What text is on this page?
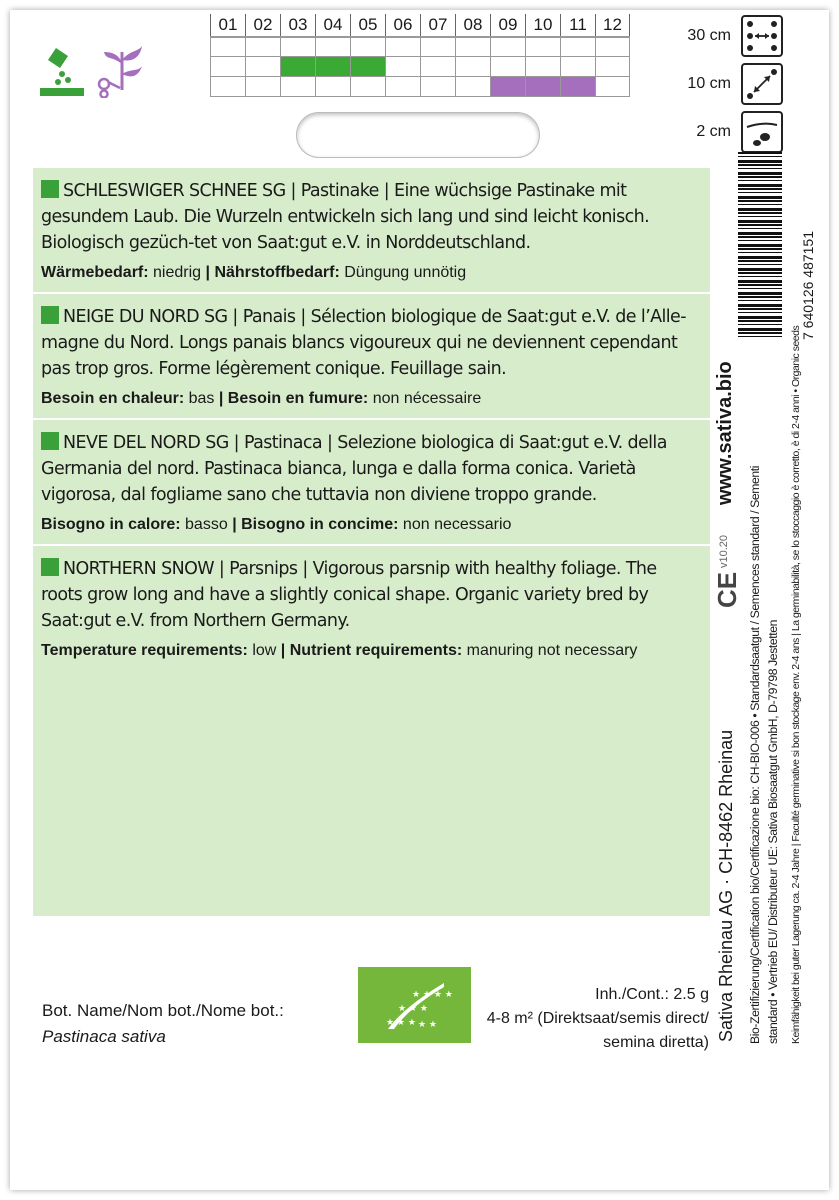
01 02 03 04 05 06 07 08 09 10 11 12
30 cm
10 cm
2 cm

SCHLESWIGER SCHNEE SG | Pastinake | Eine wüchsige Pastinake mit gesundem Laub. Die Wurzeln entwickeln sich lang und sind leicht konisch. Biologisch gezüch-tet von Saat:gut e.V. in Norddeutschland.

Wärmebedarf: niedrig | Nährstoffbedarf: Düngung unnötig

NEIGE DU NORD SG | Panais | Sélection biologique de Saat:gut e.V. de l’Alle-magne du Nord. Longs panais blancs vigoureux qui ne deviennent cependant pas trop gros. Forme légèrement conique. Feuillage sain.

Besoin en chaleur: bas | Besoin en fumure: non nécessaire

NEVE DEL NORD SG | Pastinaca | Selezione biologica di Saat:gut e.V. della Germania del nord. Pastinaca bianca, lunga e dalla forma conica. Varietà vigorosa, dal fogliame sano che tuttavia non diviene troppo grande.

Bisogno in calore: basso | Bisogno in concime: non necessario

NORTHERN SNOW | Parsnips | Vigorous parsnip with healthy foliage. The roots grow long and have a slightly conical shape. Organic variety bred by Saat:gut e.V. from Northern Germany.

Temperature requirements: low | Nutrient requirements: manuring not necessary

Bot. Name/Nom bot./Nome bot.:
Pastinaca sativa
★ ★ ★
★ ★ ★
★ ★ ★ ★
★ ★
Inh./Cont.: 2.5 g
4-8 m² (Direktsaat/semis direct/
semina diretta)
7 640126 487151
www.sativa.bio
v10.20
CE
Sativa Rheinau AG · CH-8462 Rheinau Bio-Zertifizierung/Certification bio/Certificazione bio: CH-BIO-006 • Standardsaatgut / Semences standard / Sementi standard • Vertrieb EU/ Distributeur UE: Sativa Biosaatgut GmbH, D-79798 Jestetten Keimfähigkeit bei guter Lagerung ca. 2-4 Jahre | Faculté germinative si bon stockage env. 2-4 ans | La germinabilità, se lo stoccaggio è corretto, è di 2-4 anni • Organic seeds
